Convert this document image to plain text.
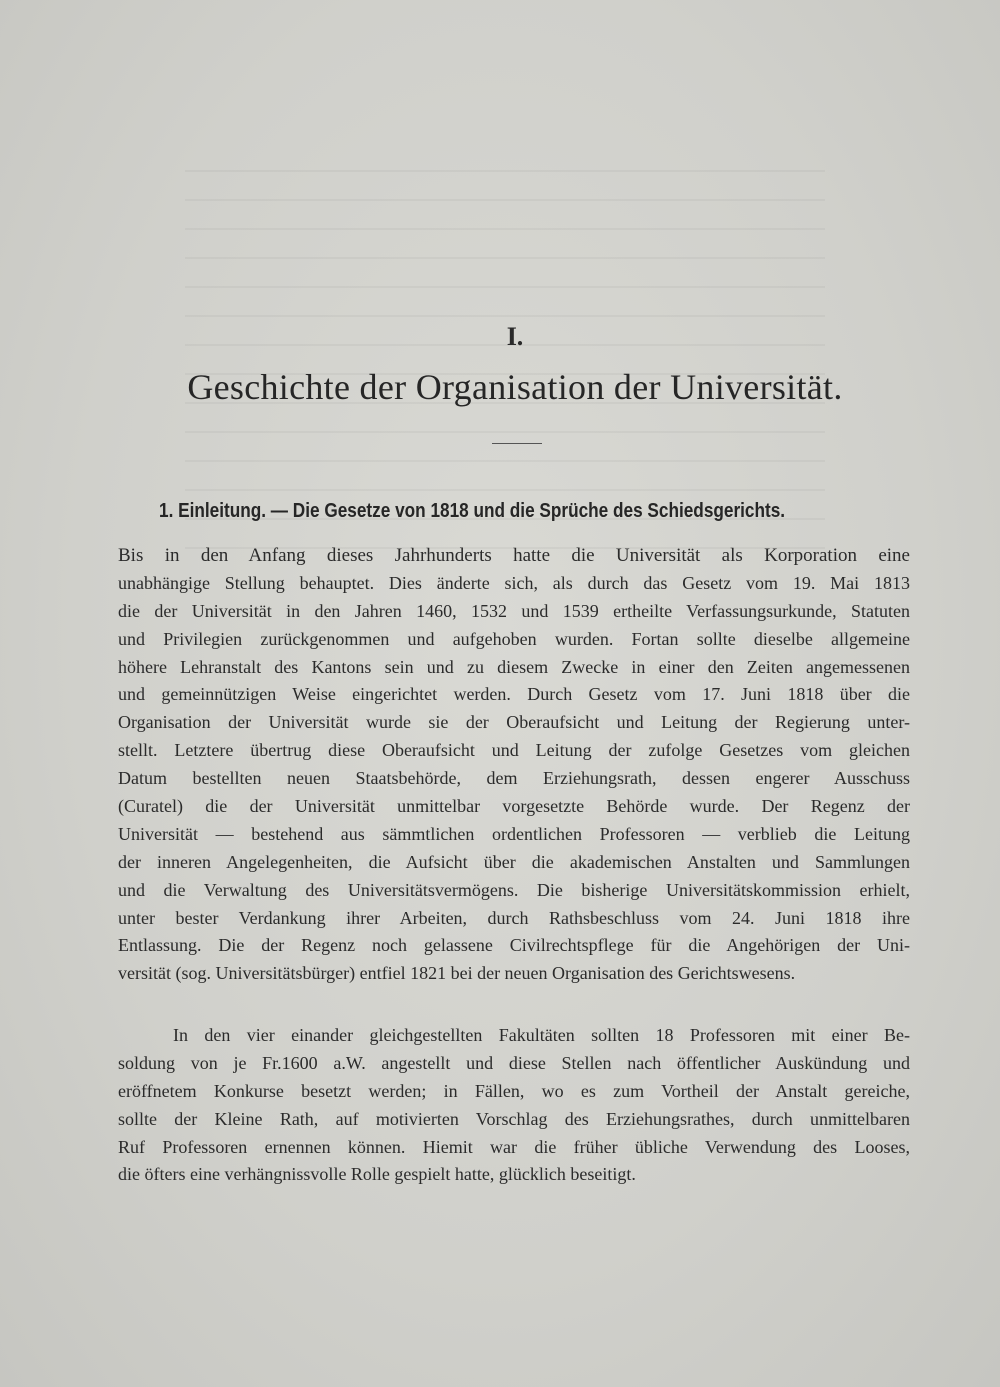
I.
Geschichte der Organisation der Universität.
1. Einleitung. — Die Gesetze von 1818 und die Sprüche des Schiedsgerichts.
Bis in den Anfang dieses Jahrhunderts hatte die Universität als Korporation eine
unabhängige Stellung behauptet. Dies änderte sich, als durch das Gesetz vom 19. Mai 1813
die der Universität in den Jahren 1460, 1532 und 1539 ertheilte Verfassungsurkunde, Statuten
und Privilegien zurückgenommen und aufgehoben wurden. Fortan sollte dieselbe allgemeine
höhere Lehranstalt des Kantons sein und zu diesem Zwecke in einer den Zeiten angemessenen
und gemeinnützigen Weise eingerichtet werden. Durch Gesetz vom 17. Juni 1818 über die
Organisation der Universität wurde sie der Oberaufsicht und Leitung der Regierung unter-
stellt. Letztere übertrug diese Oberaufsicht und Leitung der zufolge Gesetzes vom gleichen
Datum bestellten neuen Staatsbehörde, dem Erziehungsrath, dessen engerer Ausschuss
(Curatel) die der Universität unmittelbar vorgesetzte Behörde wurde. Der Regenz der
Universität — bestehend aus sämmtlichen ordentlichen Professoren — verblieb die Leitung
der inneren Angelegenheiten, die Aufsicht über die akademischen Anstalten und Sammlungen
und die Verwaltung des Universitätsvermögens. Die bisherige Universitätskommission erhielt,
unter bester Verdankung ihrer Arbeiten, durch Rathsbeschluss vom 24. Juni 1818 ihre
Entlassung. Die der Regenz noch gelassene Civilrechtspflege für die Angehörigen der Uni-
versität (sog. Universitätsbürger) entfiel 1821 bei der neuen Organisation des Gerichtswesens.
In den vier einander gleichgestellten Fakultäten sollten 18 Professoren mit einer Be-
soldung von je Fr.1600 a.W. angestellt und diese Stellen nach öffentlicher Auskündung und
eröffnetem Konkurse besetzt werden; in Fällen, wo es zum Vortheil der Anstalt gereiche,
sollte der Kleine Rath, auf motivierten Vorschlag des Erziehungsrathes, durch unmittelbaren
Ruf Professoren ernennen können. Hiemit war die früher übliche Verwendung des Looses,
die öfters eine verhängnissvolle Rolle gespielt hatte, glücklich beseitigt.
